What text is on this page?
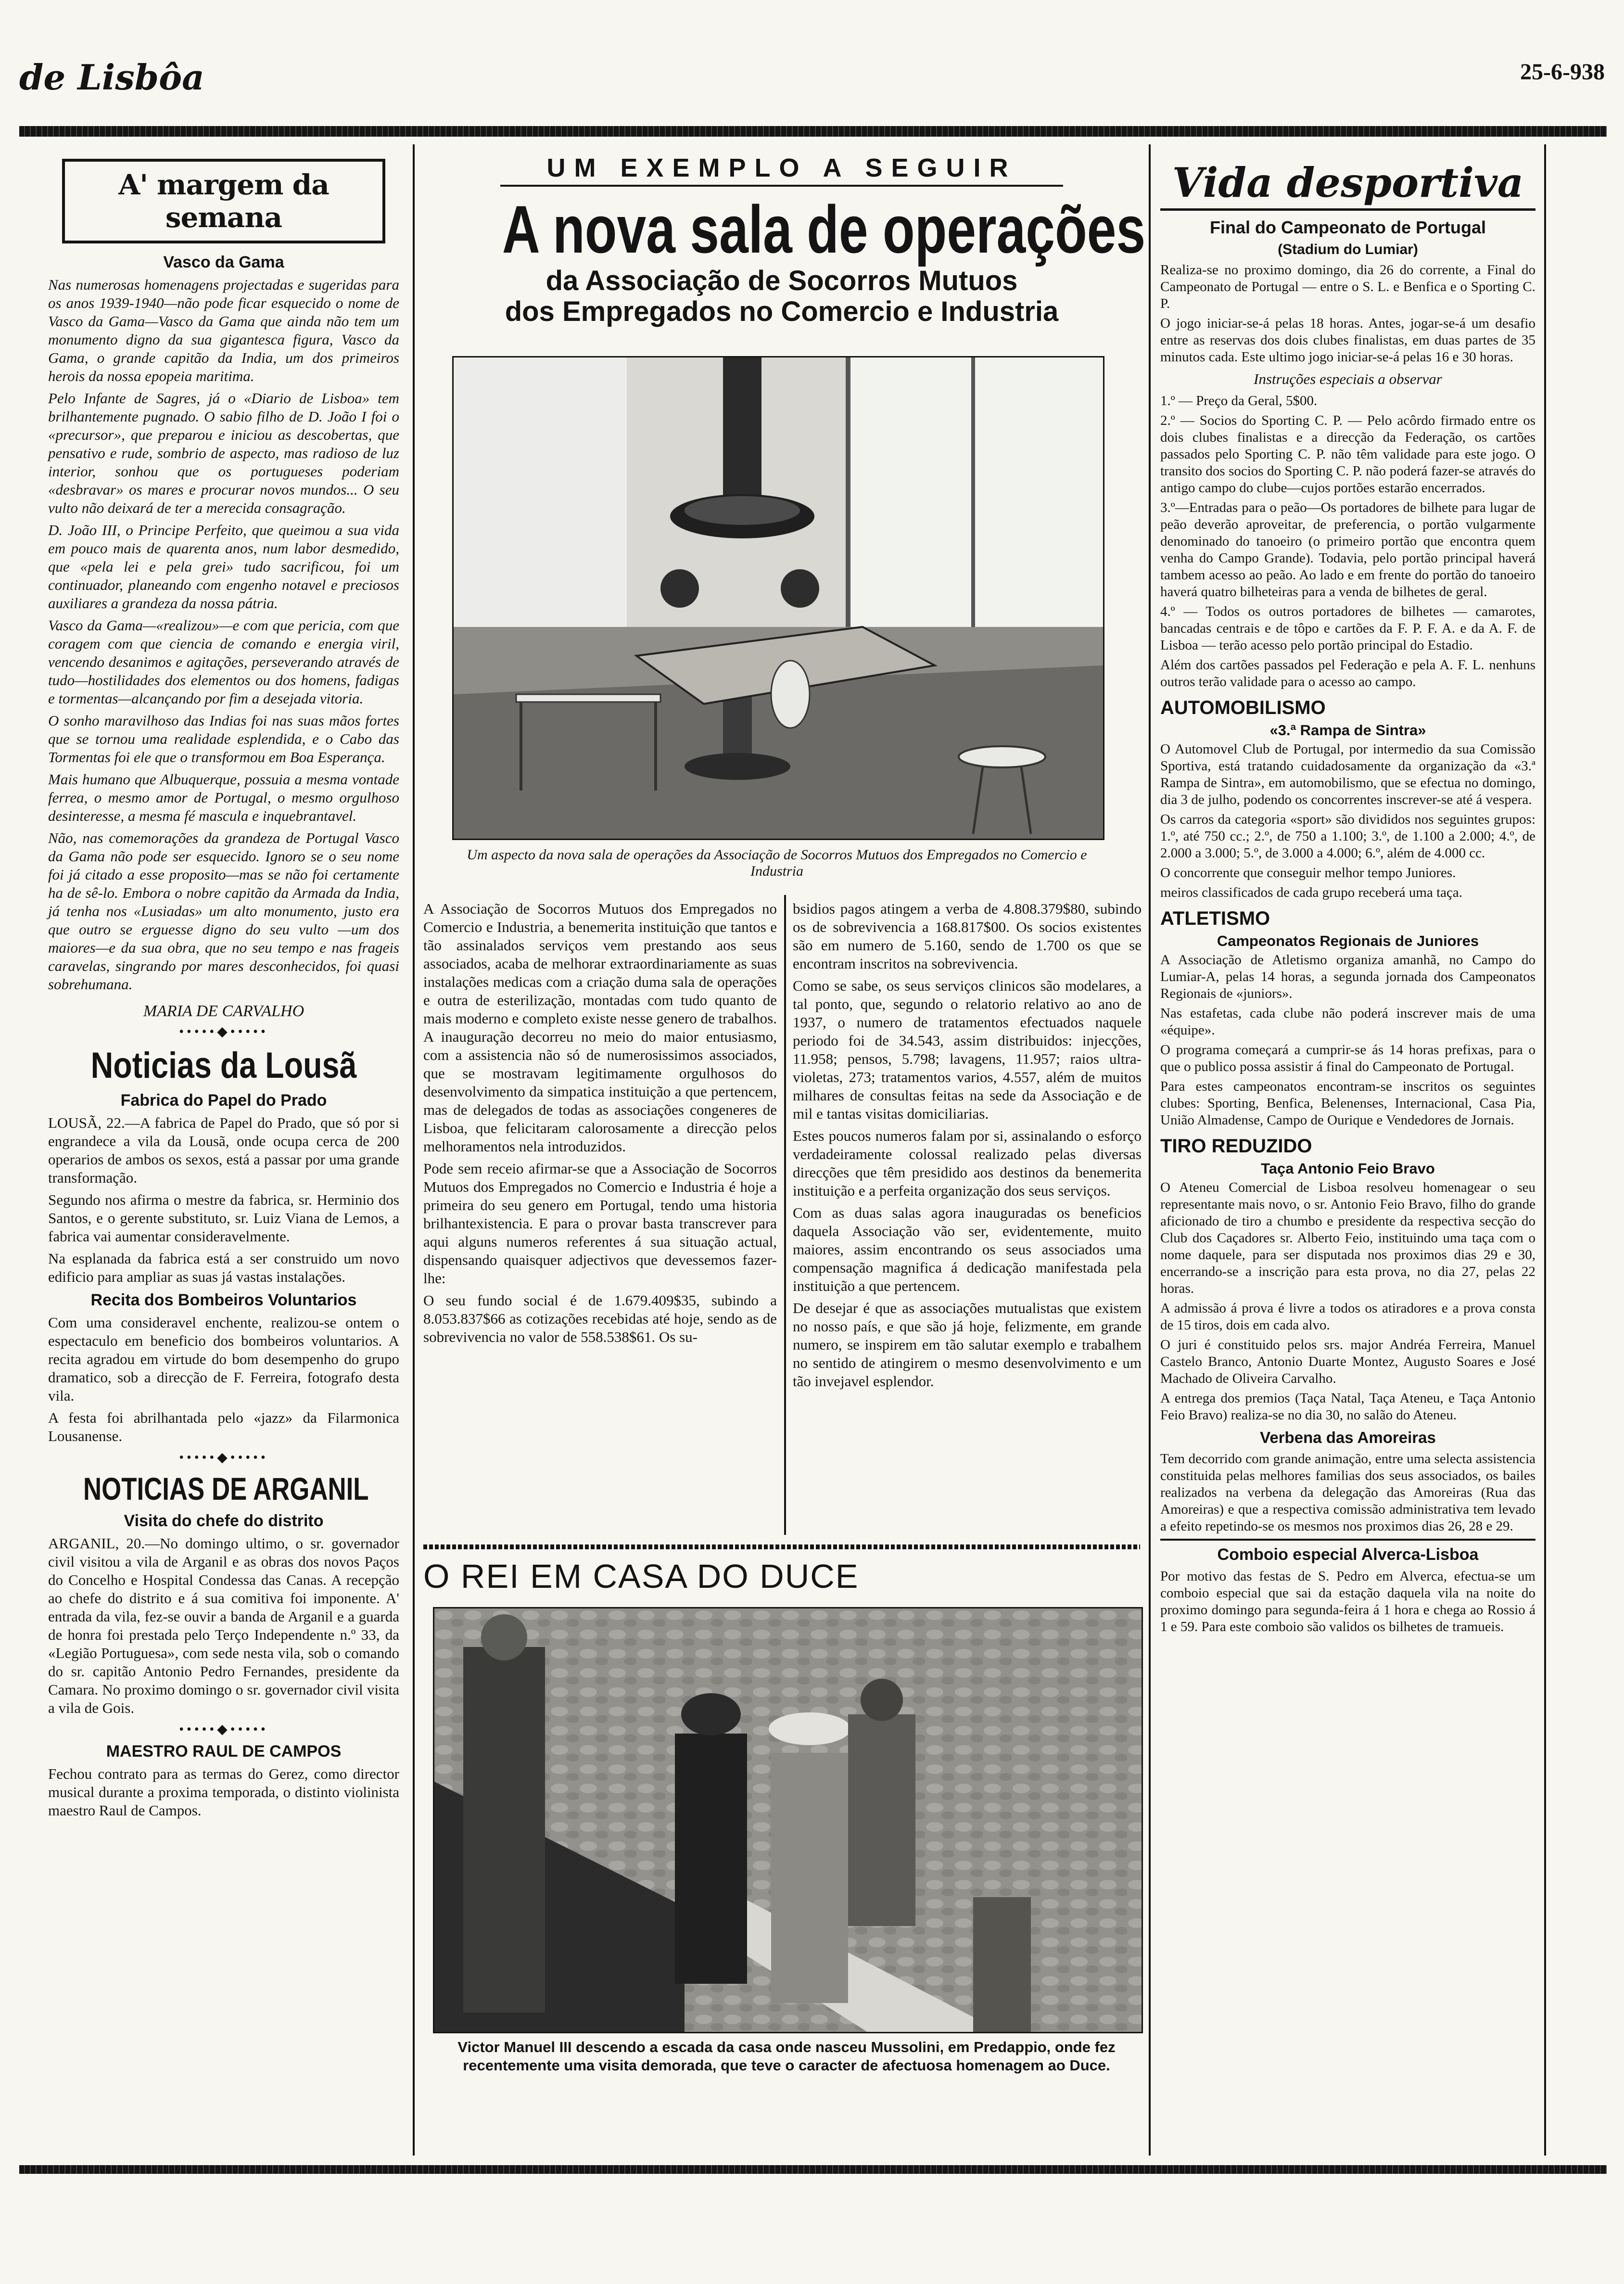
de Lisbôa	25-6-938
A' margem da semana
Vasco da Gama

Nas numerosas homenagens projectadas e sugeridas para os anos 1939-1940—não pode ficar esquecido o nome de Vasco da Gama—Vasco da Gama que ainda não tem um monumento digno da sua gigantesca figura, Vasco da Gama, o grande capitão da India, um dos primeiros herois da nossa epopeia maritima.

Pelo Infante de Sagres, já o «Diario de Lisboa» tem brilhantemente pugnado. O sabio filho de D. João I foi o «precursor», que preparou e iniciou as descobertas, que pensativo e rude, sombrio de aspecto, mas radioso de luz interior, sonhou que os portugueses poderiam «desbravar» os mares e procurar novos mundos... O seu vulto não deixará de ter a merecida consagração.

D. João III, o Principe Perfeito, que queimou a sua vida em pouco mais de quarenta anos, num labor desmedido, que «pela lei e pela grei» tudo sacrificou, foi um continuador, planeando com engenho notavel e preciosos auxiliares a grandeza da nossa pátria.

Vasco da Gama—«realizou»—e com que pericia, com que coragem com que ciencia de comando e energia viril, vencendo desanimos e agitações, perseverando através de tudo—hostilidades dos elementos ou dos homens, fadigas e tormentas—alcançando por fim a desejada vitoria.

O sonho maravilhoso das Indias foi nas suas mãos fortes que se tornou uma realidade esplendida, e o Cabo das Tormentas foi ele que o transformou em Boa Esperança.

Mais humano que Albuquerque, possuia a mesma vontade ferrea, o mesmo amor de Portugal, o mesmo orgulhoso desinteresse, a mesma fé mascula e inquebrantavel.

Não, nas comemorações da grandeza de Portugal Vasco da Gama não pode ser esquecido. Ignoro se o seu nome foi já citado a esse proposito—mas se não foi certamente ha de sê-lo. Embora o nobre capitão da Armada da India, já tenha nos «Lusiadas» um alto monumento, justo era que outro se erguesse digno do seu vulto —um dos maiores—e da sua obra, que no seu tempo e nas frageis caravelas, singrando por mares desconhecidos, foi quasi sobrehumana.

MARIA DE CARVALHO
•••••◆•••••
Noticias da Lousã
Fabrica do Papel do Prado

LOUSÃ, 22.—A fabrica de Papel do Prado, que só por si engrandece a vila da Lousã, onde ocupa cerca de 200 operarios de ambos os sexos, está a passar por uma grande transformação.

Segundo nos afirma o mestre da fabrica, sr. Herminio dos Santos, e o gerente substituto, sr. Luiz Viana de Lemos, a fabrica vai aumentar consideravelmente.

Na esplanada da fabrica está a ser construido um novo edificio para ampliar as suas já vastas instalações.

Recita dos Bombeiros Voluntarios

Com uma consideravel enchente, realizou-se ontem o espectaculo em beneficio dos bombeiros voluntarios. A recita agradou em virtude do bom desempenho do grupo dramatico, sob a direcção de F. Ferreira, fotografo desta vila.

A festa foi abrilhantada pelo «jazz» da Filarmonica Lousanense.

•••••◆•••••
NOTICIAS DE ARGANIL
Visita do chefe do distrito

ARGANIL, 20.—No domingo ultimo, o sr. governador civil visitou a vila de Arganil e as obras dos novos Paços do Concelho e Hospital Condessa das Canas. A recepção ao chefe do distrito e á sua comitiva foi imponente. A' entrada da vila, fez-se ouvir a banda de Arganil e a guarda de honra foi prestada pelo Terço Independente n.º 33, da «Legião Portuguesa», com sede nesta vila, sob o comando do sr. capitão Antonio Pedro Fernandes, presidente da Camara. No proximo domingo o sr. governador civil visita a vila de Gois.

•••••◆•••••
MAESTRO RAUL DE CAMPOS

Fechou contrato para as termas do Gerez, como director musical durante a proxima temporada, o distinto violinista maestro Raul de Campos.

UM EXEMPLO A SEGUIR
A nova sala de operações
da Associação de Socorros Mutuos
dos Empregados no Comercio e Industria
Um aspecto da nova sala de operações da Associação de Socorros Mutuos dos Empregados no Comercio e Industria

A Associação de Socorros Mutuos dos Empregados no Comercio e Industria, a benemerita instituição que tantos e tão assinalados serviços vem prestando aos seus associados, acaba de melhorar extraordinariamente as suas instalações medicas com a criação duma sala de operações e outra de esterilização, montadas com tudo quanto de mais moderno e completo existe nesse genero de trabalhos. A inauguração decorreu no meio do maior entusiasmo, com a assistencia não só de numerosissimos associados, que se mostravam legitimamente orgulhosos do desenvolvimento da simpatica instituição a que pertencem, mas de delegados de todas as associações congeneres de Lisboa, que felicitaram calorosamente a direcção pelos melhoramentos nela introduzidos.

Pode sem receio afirmar-se que a Associação de Socorros Mutuos dos Empregados no Comercio e Industria é hoje a primeira do seu genero em Portugal, tendo uma historia brilhantexistencia. E para o provar basta transcrever para aqui alguns numeros referentes á sua situação actual, dispensando quaisquer adjectivos que devessemos fazer-lhe:

O seu fundo social é de 1.679.409$35, subindo a 8.053.837$66 as cotizações recebidas até hoje, sendo as de sobrevivencia no valor de 558.538$61. Os su-

bsidios pagos atingem a verba de 4.808.379$80, subindo os de sobrevivencia a 168.817$00. Os socios existentes são em numero de 5.160, sendo de 1.700 os que se encontram inscritos na sobrevivencia.

Como se sabe, os seus serviços clinicos são modelares, a tal ponto, que, segundo o relatorio relativo ao ano de 1937, o numero de tratamentos efectuados naquele periodo foi de 34.543, assim distribuidos: injecções, 11.958; pensos, 5.798; lavagens, 11.957; raios ultra-violetas, 273; tratamentos varios, 4.557, além de muitos milhares de consultas feitas na sede da Associação e de mil e tantas visitas domiciliarias.

Estes poucos numeros falam por si, assinalando o esforço verdadeiramente colossal realizado pelas diversas direcções que têm presidido aos destinos da benemerita instituição e a perfeita organização dos seus serviços.

Com as duas salas agora inauguradas os beneficios daquela Associação vão ser, evidentemente, muito maiores, assim encontrando os seus associados uma compensação magnifica á dedicação manifestada pela instituição a que pertencem.

De desejar é que as associações mutualistas que existem no nosso país, e que são já hoje, felizmente, em grande numero, se inspirem em tão salutar exemplo e trabalhem no sentido de atingirem o mesmo desenvolvimento e um tão invejavel esplendor.

O REI EM CASA DO DUCE
Victor Manuel III descendo a escada da casa onde nasceu Mussolini, em Predappio, onde fez recentemente uma visita demorada, que teve o caracter de afectuosa homenagem ao Duce.
Vida desportiva
Final do Campeonato de Portugal
(Stadium do Lumiar)

Realiza-se no proximo domingo, dia 26 do corrente, a Final do Campeonato de Portugal — entre o S. L. e Benfica e o Sporting C. P.

O jogo iniciar-se-á pelas 18 horas. Antes, jogar-se-á um desafio entre as reservas dos dois clubes finalistas, em duas partes de 35 minutos cada. Este ultimo jogo iniciar-se-á pelas 16 e 30 horas.

Instruções especiais a observar

1.º — Preço da Geral, 5$00.

2.º — Socios do Sporting C. P. — Pelo acôrdo firmado entre os dois clubes finalistas e a direcção da Federação, os cartões passados pelo Sporting C. P. não têm validade para este jogo. O transito dos socios do Sporting C. P. não poderá fazer-se através do antigo campo do clube—cujos portões estarão encerrados.

3.º—Entradas para o peão—Os portadores de bilhete para lugar de peão deverão aproveitar, de preferencia, o portão vulgarmente denominado do tanoeiro (o primeiro portão que encontra quem venha do Campo Grande). Todavia, pelo portão principal haverá tambem acesso ao peão. Ao lado e em frente do portão do tanoeiro haverá quatro bilheteiras para a venda de bilhetes de geral.

4.º — Todos os outros portadores de bilhetes — camarotes, bancadas centrais e de tôpo e cartões da F. P. F. A. e da A. F. de Lisboa — terão acesso pelo portão principal do Estadio.

Além dos cartões passados pel Federação e pela A. F. L. nenhuns outros terão validade para o acesso ao campo.

AUTOMOBILISMO
«3.ª Rampa de Sintra»

O Automovel Club de Portugal, por intermedio da sua Comissão Sportiva, está tratando cuidadosamente da organização da «3.ª Rampa de Sintra», em automobilismo, que se efectua no domingo, dia 3 de julho, podendo os concorrentes inscrever-se até á vespera.

Os carros da categoria «sport» são divididos nos seguintes grupos: 1.º, até 750 cc.; 2.º, de 750 a 1.100; 3.º, de 1.100 a 2.000; 4.º, de 2.000 a 3.000; 5.º, de 3.000 a 4.000; 6.º, além de 4.000 cc.

O concorrente que conseguir melhor tempo Juniores.

meiros classificados de cada grupo receberá uma taça.

ATLETISMO
Campeonatos Regionais de Juniores

A Associação de Atletismo organiza amanhã, no Campo do Lumiar-A, pelas 14 horas, a segunda jornada dos Campeonatos Regionais de «juniors».

Nas estafetas, cada clube não poderá inscrever mais de uma «équipe».

O programa começará a cumprir-se ás 14 horas prefixas, para o que o publico possa assistir á final do Campeonato de Portugal.

Para estes campeonatos encontram-se inscritos os seguintes clubes: Sporting, Benfica, Belenenses, Internacional, Casa Pia, União Almadense, Campo de Ourique e Vendedores de Jornais.

TIRO REDUZIDO
Taça Antonio Feio Bravo

O Ateneu Comercial de Lisboa resolveu homenagear o seu representante mais novo, o sr. Antonio Feio Bravo, filho do grande aficionado de tiro a chumbo e presidente da respectiva secção do Club dos Caçadores sr. Alberto Feio, instituindo uma taça com o nome daquele, para ser disputada nos proximos dias 29 e 30, encerrando-se a inscrição para esta prova, no dia 27, pelas 22 horas.

A admissão á prova é livre a todos os atiradores e a prova consta de 15 tiros, dois em cada alvo.

O juri é constituido pelos srs. major Andréa Ferreira, Manuel Castelo Branco, Antonio Duarte Montez, Augusto Soares e José Machado de Oliveira Carvalho.

A entrega dos premios (Taça Natal, Taça Ateneu, e Taça Antonio Feio Bravo) realiza-se no dia 30, no salão do Ateneu.

Verbena das Amoreiras

Tem decorrido com grande animação, entre uma selecta assistencia constituida pelas melhores familias dos seus associados, os bailes realizados na verbena da delegação das Amoreiras (Rua das Amoreiras) e que a respectiva comissão administrativa tem levado a efeito repetindo-se os mesmos nos proximos dias 26, 28 e 29.

Comboio especial Alverca-Lisboa

Por motivo das festas de S. Pedro em Alverca, efectua-se um comboio especial que sai da estação daquela vila na noite do proximo domingo para segunda-feira á 1 hora e chega ao Rossio á 1 e 59. Para este comboio são validos os bilhetes de tramueis.
